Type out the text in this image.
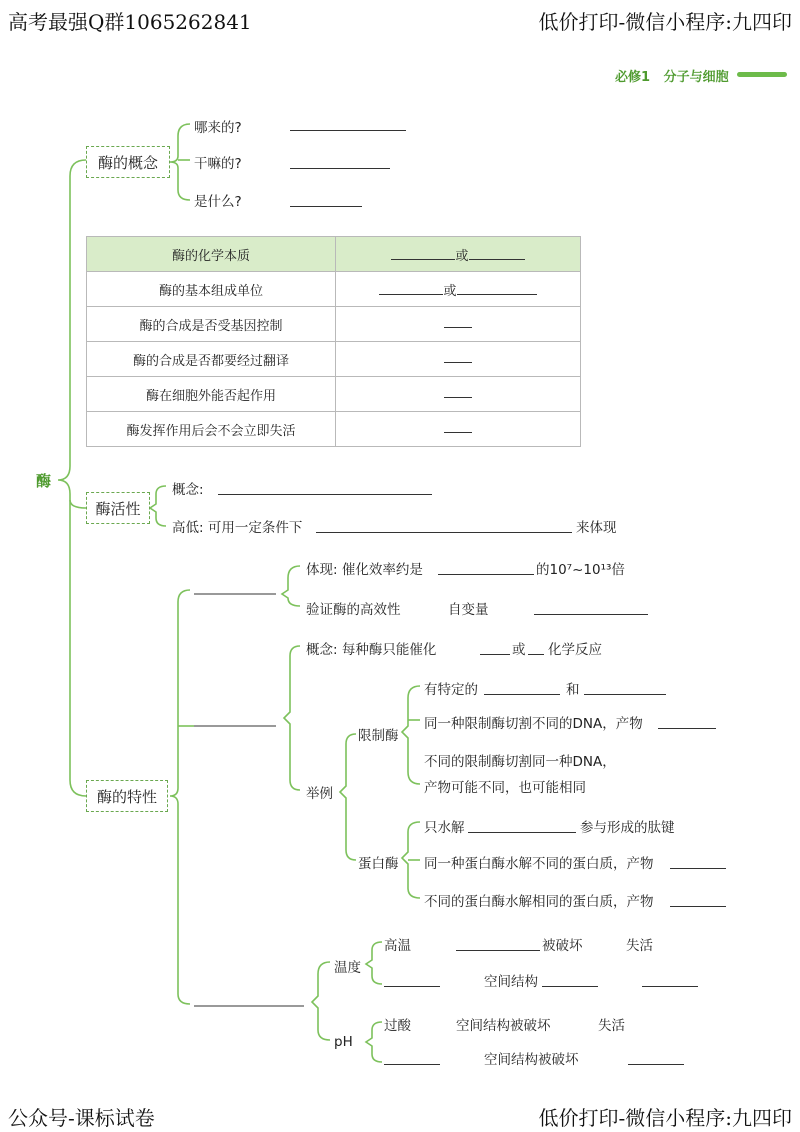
高考最强Q群1065262841	低价打印-微信小程序:九四印
公众号-课标试卷	低价打印-微信小程序:九四印
必修1   分子与细胞
酶
酶的概念
哪来的?
干嘛的?
是什么?
酶的化学本质	或
酶的基本组成单位	或
酶的合成是否受基因控制	
酶的合成是否都要经过翻译	
酶在细胞外能否起作用	
酶发挥作用后会不会立即失活	
酶活性
概念:
高低: 可用一定条件下	来体现
酶的特性
体现: 催化效率约是	的10⁷~10¹³倍
验证酶的高效性	自变量
概念: 每种酶只能催化	或 化学反应
举例
限制酶
有特定的	和
同一种限制酶切割不同的DNA，产物
不同的限制酶切割同一种DNA，
产物可能不同，也可能相同
蛋白酶
只水解	参与形成的肽键
同一种蛋白酶水解不同的蛋白质，产物
不同的蛋白酶水解相同的蛋白质，产物
温度
高温	被破坏	失活
空间结构
pH
过酸	空间结构被破坏	失活
空间结构被破坏
